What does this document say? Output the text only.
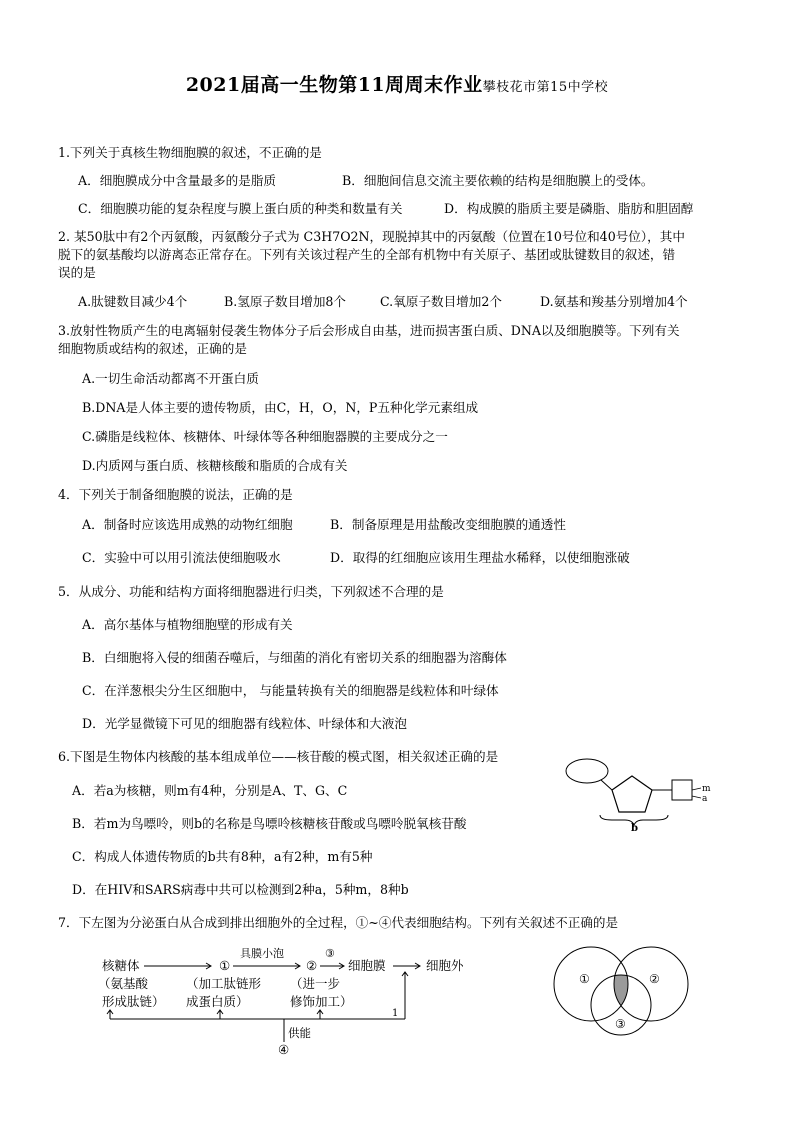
2021届高一生物第11周周末作业攀枝花市第15中学校
1.下列关于真核生物细胞膜的叙述，不正确的是
A．细胞膜成分中含量最多的是脂质	B．细胞间信息交流主要依赖的结构是细胞膜上的受体。
C．细胞膜功能的复杂程度与膜上蛋白质的种类和数量有关	D．构成膜的脂质主要是磷脂、脂肪和胆固醇
2. 某50肽中有2个丙氨酸，丙氨酸分子式为 C3H7O2N，现脱掉其中的丙氨酸（位置在10号位和40号位），其中
脱下的氨基酸均以游离态正常存在。下列有关该过程产生的全部有机物中有关原子、基团或肽键数目的叙述，错
误的是
A.肽键数目减少4个	B.氢原子数目增加8个	C.氧原子数目增加2个	D.氨基和羧基分别增加4个
3.放射性物质产生的电离辐射侵袭生物体分子后会形成自由基，进而损害蛋白质、DNA以及细胞膜等。下列有关
细胞物质或结构的叙述，正确的是
A.一切生命活动都离不开蛋白质
B.DNA是人体主要的遗传物质，由C，H，O，N，P五种化学元素组成
C.磷脂是线粒体、核糖体、叶绿体等各种细胞器膜的主要成分之一
D.内质网与蛋白质、核糖核酸和脂质的合成有关
4．下列关于制备细胞膜的说法，正确的是
A．制备时应该选用成熟的动物红细胞	B．制备原理是用盐酸改变细胞膜的通透性
C．实验中可以用引流法使细胞吸水	D．取得的红细胞应该用生理盐水稀释，以使细胞涨破
5．从成分、功能和结构方面将细胞器进行归类，下列叙述不合理的是
A．高尔基体与植物细胞壁的形成有关
B．白细胞将入侵的细菌吞噬后，与细菌的消化有密切关系的细胞器为溶酶体
C．在洋葱根尖分生区细胞中， 与能量转换有关的细胞器是线粒体和叶绿体
D．光学显微镜下可见的细胞器有线粒体、叶绿体和大液泡
6.下图是生物体内核酸的基本组成单位——核苷酸的模式图，相关叙述正确的是
A．若a为核糖，则m有4种，分别是A、T、G、C
B．若m为鸟嘌呤，则b的名称是鸟嘌呤核糖核苷酸或鸟嘌呤脱氧核苷酸
C．构成人体遗传物质的b共有8种，a有2种，m有5种
D．在HIV和SARS病毒中共可以检测到2种a，5种m，8种b
m
a
b
7．下左图为分泌蛋白从合成到排出细胞外的全过程，①~④代表细胞结构。下列有关叙述不正确的是
核糖体
（氨基酸
形成肽链）
①
（加工肽链形
成蛋白质）
具膜小泡
②
（进一步
修饰加工）
③
细胞膜	细胞外
供能
④
1
①	②
③
